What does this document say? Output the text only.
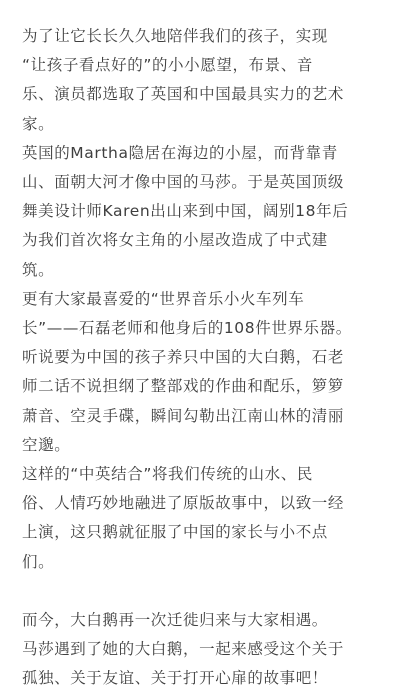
为了让它长长久久地陪伴我们的孩子，实现
“让孩子看点好的”的小小愿望，布景、音
乐、演员都选取了英国和中国最具实力的艺术
家。

英国的Martha隐居在海边的小屋，而背靠青
山、面朝大河才像中国的马莎。于是英国顶级
舞美设计师Karen出山来到中国，阔别18年后
为我们首次将女主角的小屋改造成了中式建
筑。

更有大家最喜爱的“世界音乐小火车列车
长”——石磊老师和他身后的108件世界乐器。
听说要为中国的孩子养只中国的大白鹅，石老
师二话不说担纲了整部戏的作曲和配乐，箩箩
萧音、空灵手碟，瞬间勾勒出江南山林的清丽
空邈。

这样的“中英结合”将我们传统的山水、民
俗、人情巧妙地融进了原版故事中，以致一经
上演，这只鹅就征服了中国的家长与小不点
们。

而今，大白鹅再一次迁徙归来与大家相遇。
马莎遇到了她的大白鹅，一起来感受这个关于
孤独、关于友谊、关于打开心扉的故事吧！
